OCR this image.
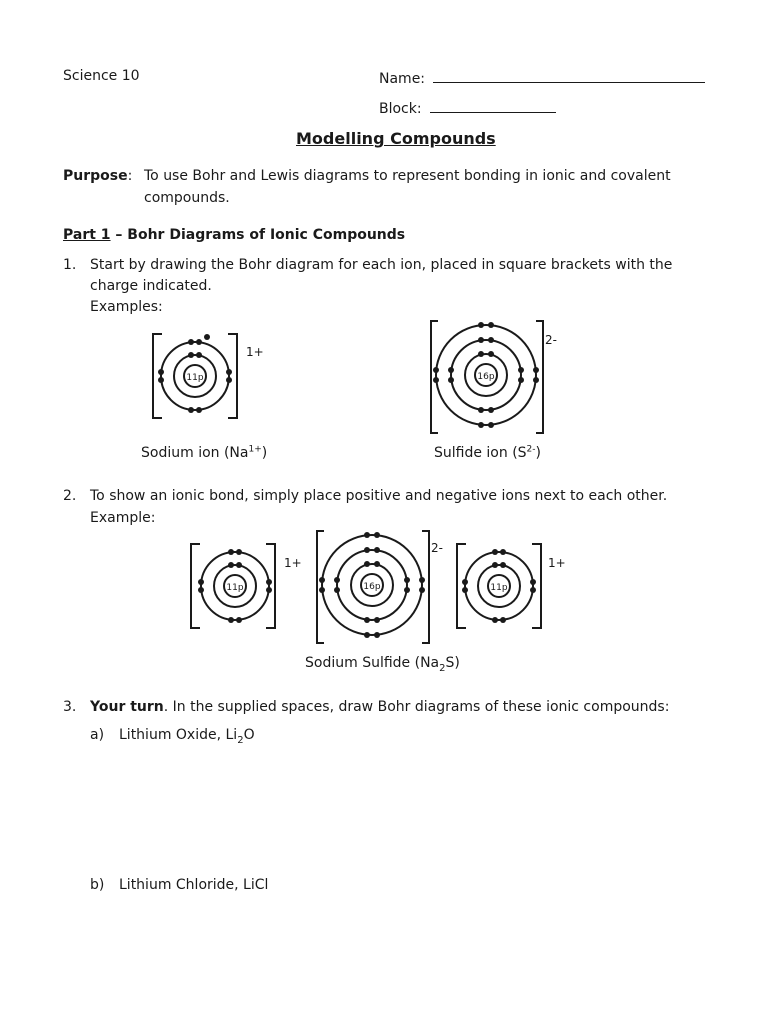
Science 10	Name:
Block:
Modelling Compounds
Purpose: To use Bohr and Lewis diagrams to represent bonding in ionic and covalent
compounds.
Part 1 – Bohr Diagrams of Ionic Compounds
1. Start by drawing the Bohr diagram for each ion, placed in square brackets with the
charge indicated.
Examples:
11p
1+
Sodium ion $(Na^{1+})$
16p
2-
Sulfide ion $(S^{2-})$
2. To show an ionic bond, simply place positive and negative ions next to each other.
Example:
11p
1+
16p
2-
11p
1+
Sodium Sulfide $(Na_2S)$
3. Your turn. In the supplied spaces, draw Bohr diagrams of these ionic compounds:
a) Lithium Oxide, $Li_2O$
b) Lithium Chloride, LiCl
